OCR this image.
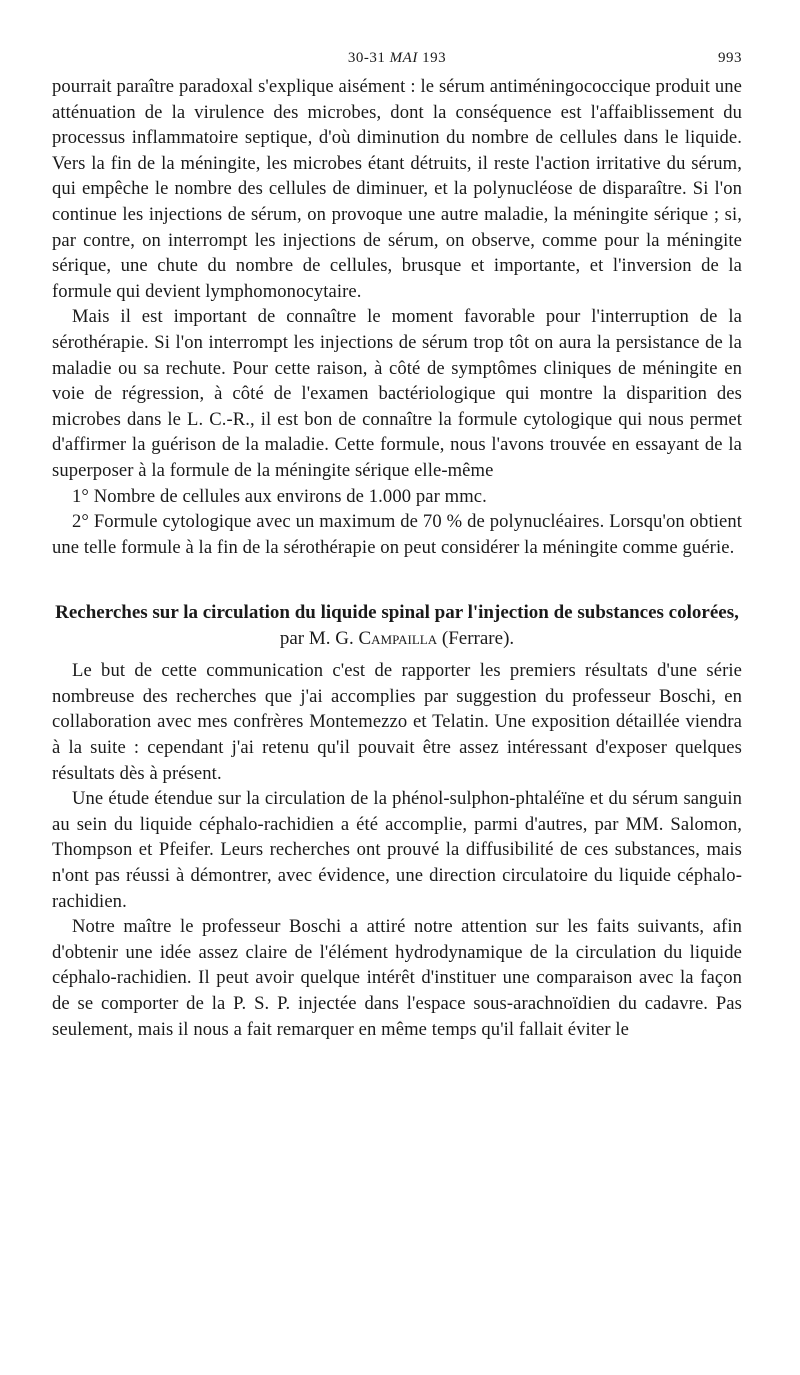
30-31 MAI 193	993

pourrait paraître paradoxal s'explique aisément : le sérum antiméningococcique produit une atténuation de la virulence des microbes, dont la conséquence est l'affaiblissement du processus inflammatoire septique, d'où diminution du nombre de cellules dans le liquide. Vers la fin de la méningite, les microbes étant détruits, il reste l'action irritative du sérum, qui empêche le nombre des cellules de diminuer, et la polynucléose de disparaître. Si l'on continue les injections de sérum, on provoque une autre maladie, la méningite sérique ; si, par contre, on interrompt les injections de sérum, on observe, comme pour la méningite sérique, une chute du nombre de cellules, brusque et importante, et l'inversion de la formule qui devient lymphomonocytaire.

Mais il est important de connaître le moment favorable pour l'interruption de la sérothérapie. Si l'on interrompt les injections de sérum trop tôt on aura la persistance de la maladie ou sa rechute. Pour cette raison, à côté de symptômes cliniques de méningite en voie de régression, à côté de l'examen bactériologique qui montre la disparition des microbes dans le L. C.-R., il est bon de connaître la formule cytologique qui nous permet d'affirmer la guérison de la maladie. Cette formule, nous l'avons trouvée en essayant de la superposer à la formule de la méningite sérique elle-même

1° Nombre de cellules aux environs de 1.000 par mmc.

2° Formule cytologique avec un maximum de 70 % de polynucléaires. Lorsqu'on obtient une telle formule à la fin de la sérothérapie on peut considérer la méningite comme guérie.

Recherches sur la circulation du liquide spinal par l'injection de substances colorées, par M. G. Campailla (Ferrare).

Le but de cette communication c'est de rapporter les premiers résultats d'une série nombreuse des recherches que j'ai accomplies par suggestion du professeur Boschi, en collaboration avec mes confrères Montemezzo et Telatin. Une exposition détaillée viendra à la suite : cependant j'ai retenu qu'il pouvait être assez intéressant d'exposer quelques résultats dès à présent.

Une étude étendue sur la circulation de la phénol-sulphon-phtaléïne et du sérum sanguin au sein du liquide céphalo-rachidien a été accomplie, parmi d'autres, par MM. Salomon, Thompson et Pfeifer. Leurs recherches ont prouvé la diffusibilité de ces substances, mais n'ont pas réussi à démontrer, avec évidence, une direction circulatoire du liquide céphalo-rachidien.

Notre maître le professeur Boschi a attiré notre attention sur les faits suivants, afin d'obtenir une idée assez claire de l'élément hydrodynamique de la circulation du liquide céphalo-rachidien. Il peut avoir quelque intérêt d'instituer une comparaison avec la façon de se comporter de la P. S. P. injectée dans l'espace sous-arachnoïdien du cadavre. Pas seulement, mais il nous a fait remarquer en même temps qu'il fallait éviter le
